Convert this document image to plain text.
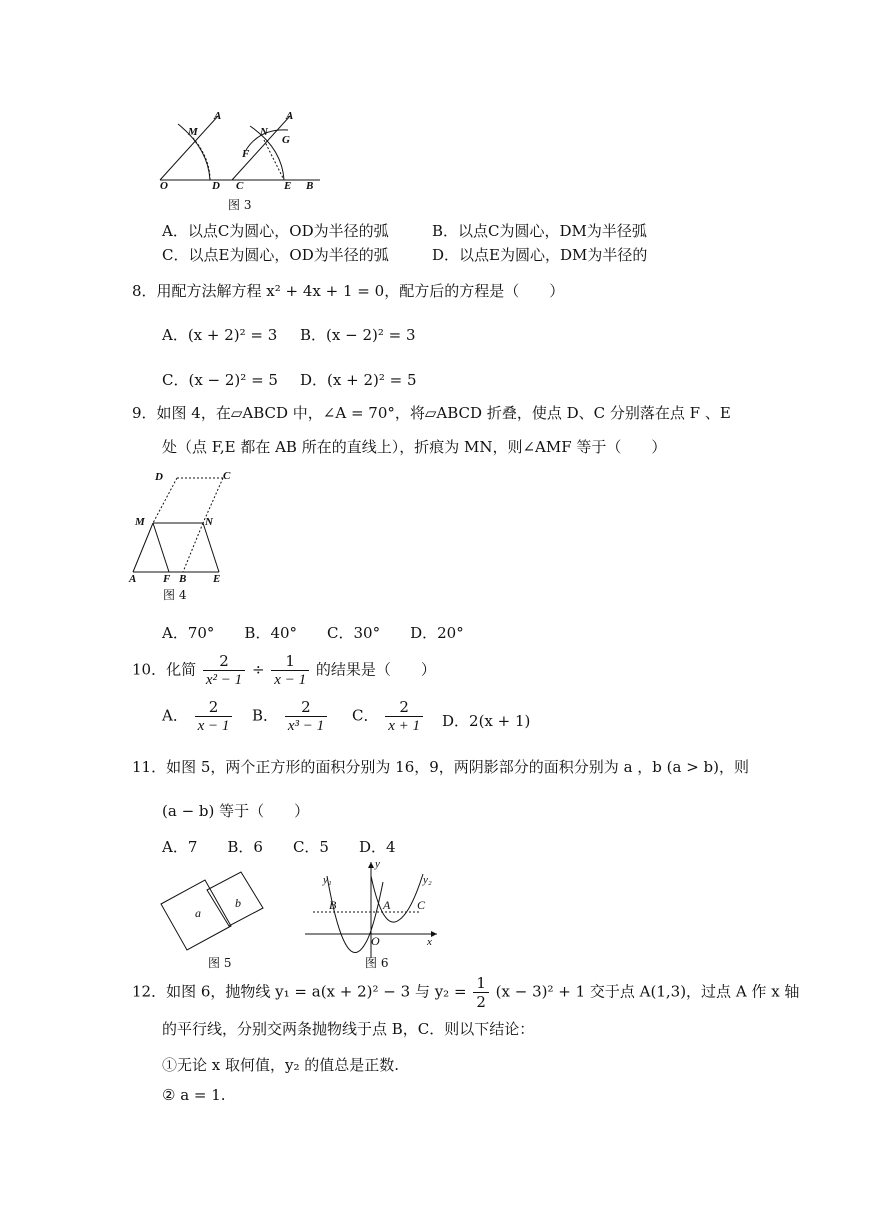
A
M
O	D
A
N
G
F
C	E B
图 3
A．以点C为圆心，OD为半径的弧	B．以点C为圆心，DM为半径弧
C．以点E为圆心，OD为半径的弧	D．以点E为圆心，DM为半径的
8．用配方法解方程 x² + 4x + 1 = 0，配方后的方程是（　　）
A．(x + 2)² = 3 B．(x − 2)² = 3
C．(x − 2)² = 5 D．(x + 2)² = 5
9．如图 4，在▱ABCD 中，∠A = 70°，将▱ABCD 折叠，使点 D、C 分别落在点 F 、E
处（点 F,E 都在 AB 所在的直线上），折痕为 MN，则∠AMF 等于（　　）
D	C
M	N
A F B E
图 4
A．70°　　B．40°　　C．30°　　D．20°
10．化简 $\frac{2}{\text{x² − 1}} \div \frac{1}{x - 1}$ 的结果是（　　）
A． $\frac{2}{x - 1}$ B． $\frac{2}{\text{x³ − 1}}$ C． $\frac{2}{x + 1}$ D．2(x + 1)
11．如图 5，两个正方形的面积分别为 16，9，两阴影部分的面积分别为 a ，b (a > b)，则
(a − b) 等于（　　）
A．7　　B．6　　C．5　　D．4
a
b
图 5
y₁
y
y₂
B	A C
O	x
图 6
12．如图 6，抛物线 y₁ = a(x + 2)² − 3 与 $y_2 = \frac{1}{2} (x - 3)^2 + 1$ 交于点 A(1,3)，过点 A 作 x 轴
的平行线，分别交两条抛物线于点 B，C．则以下结论：
①无论 x 取何值，y₂ 的值总是正数.
② a = 1.
